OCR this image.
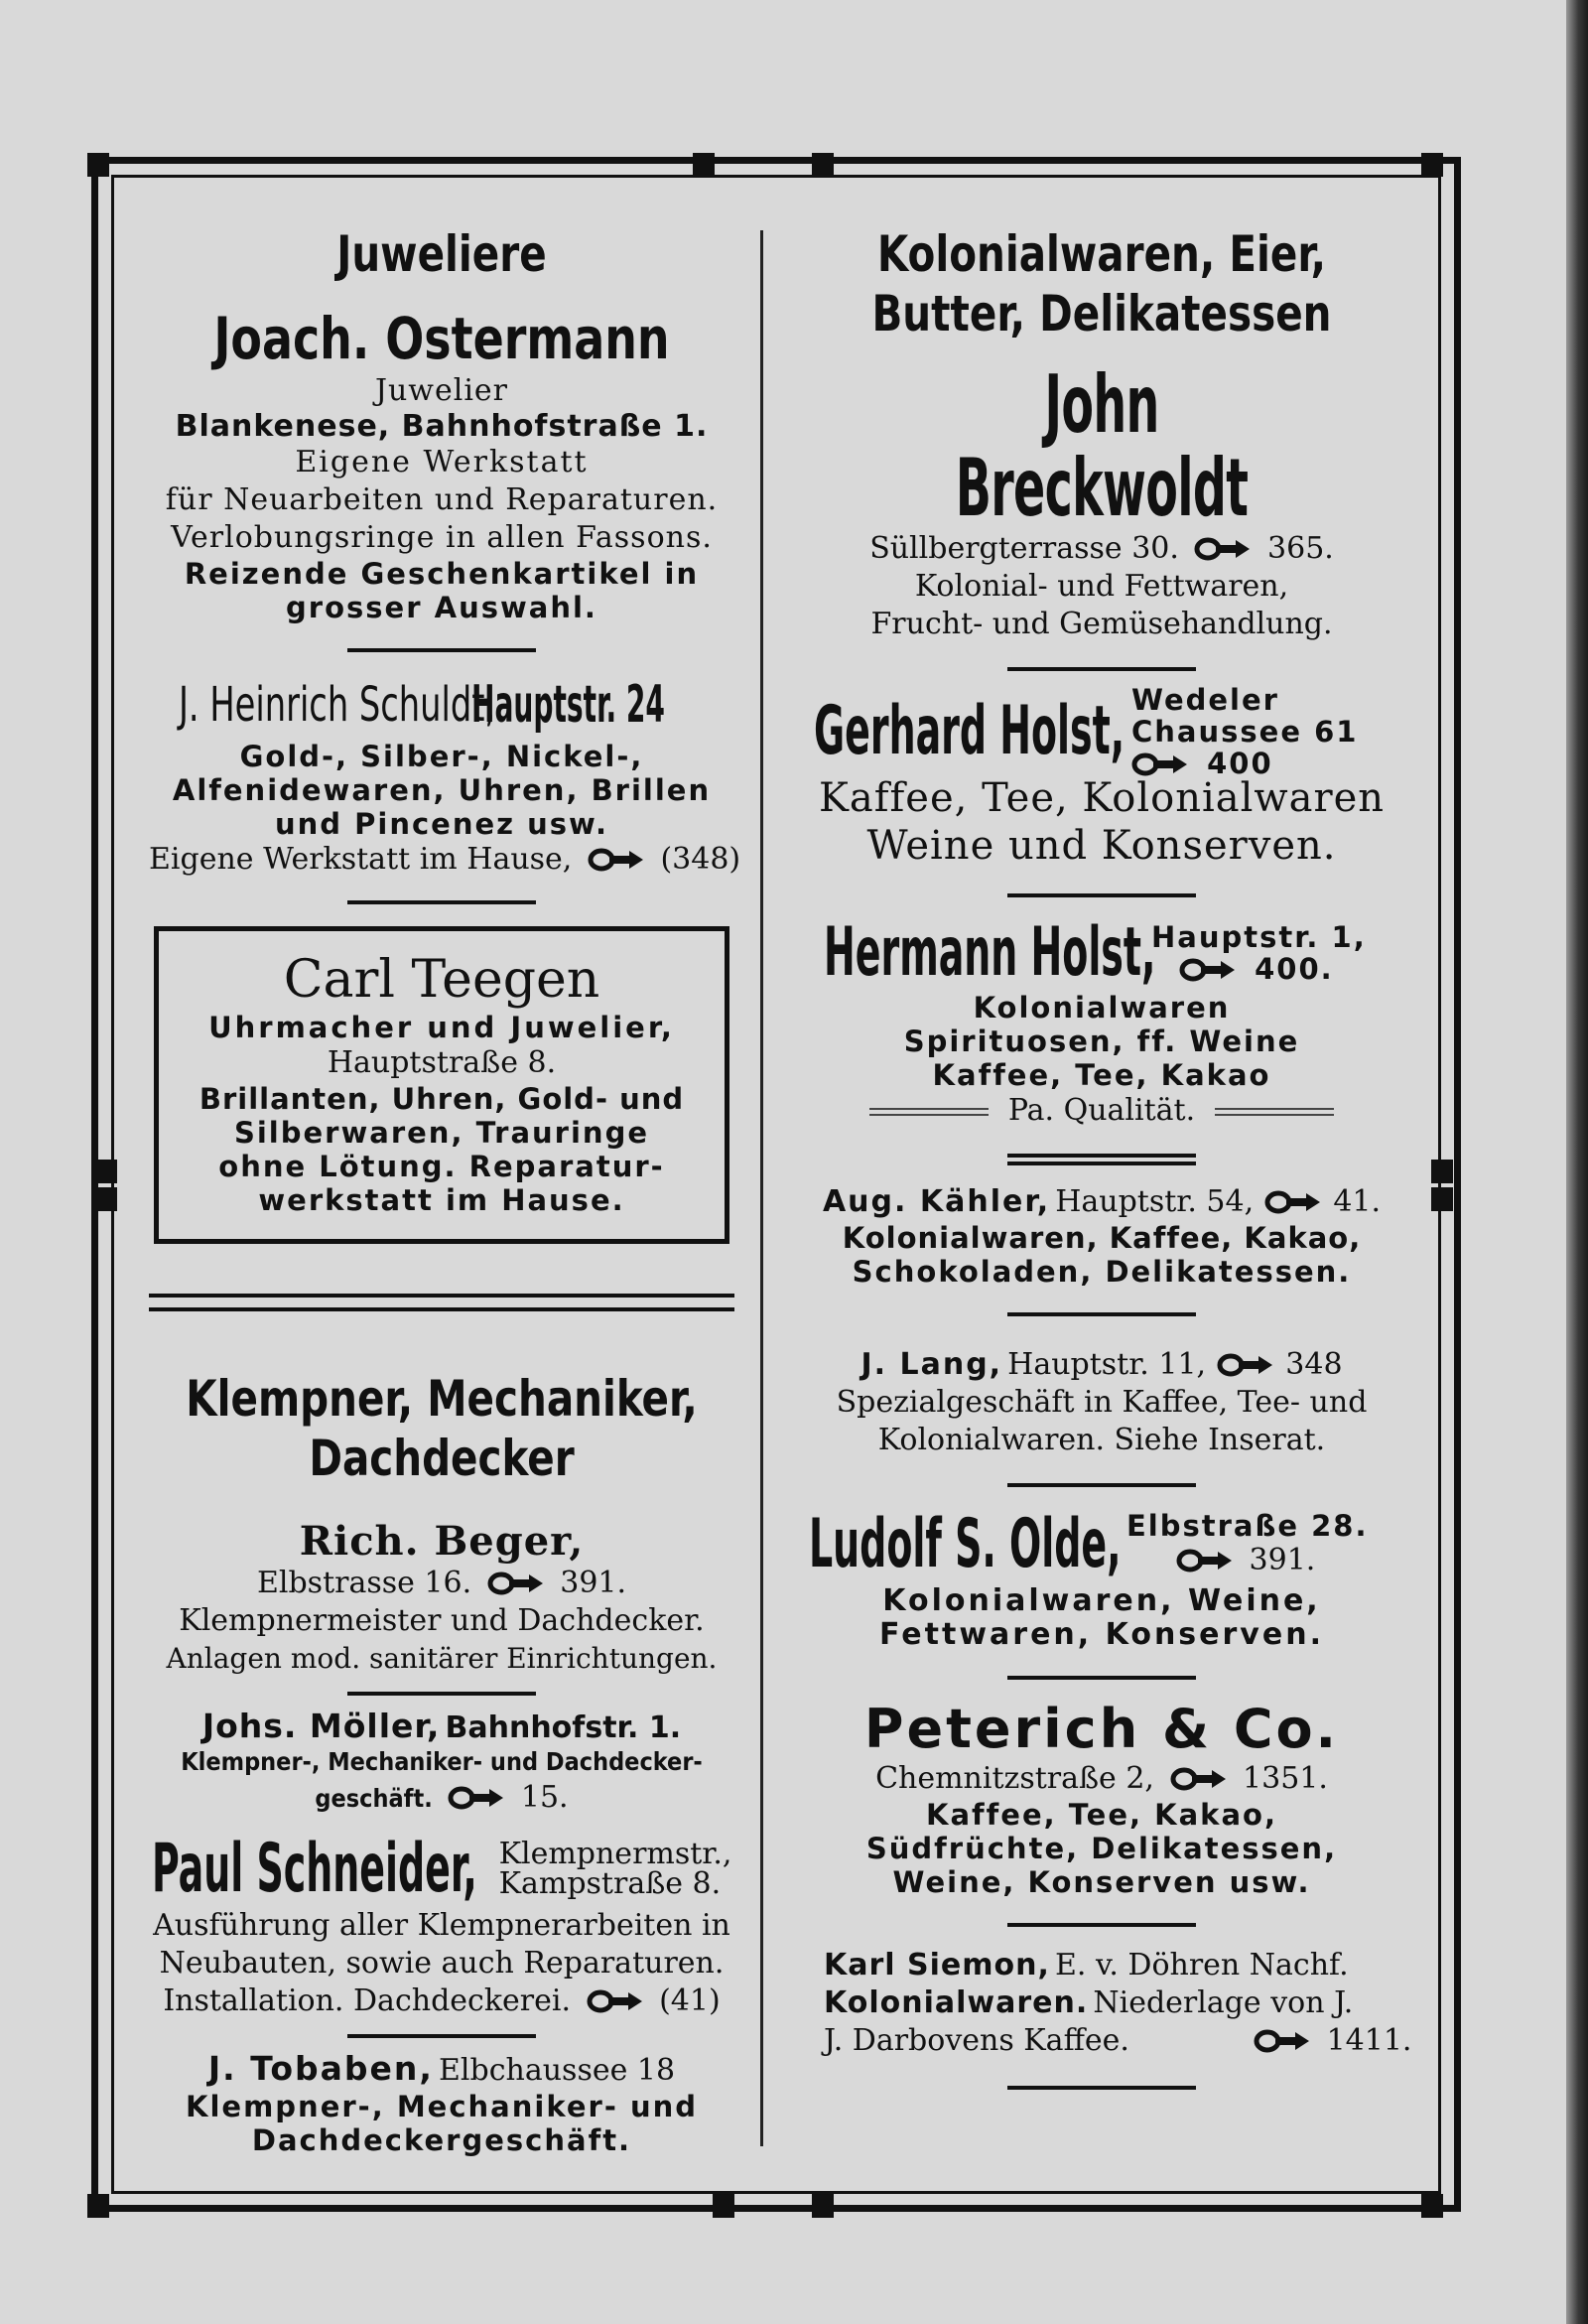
Juweliere
Joach. Ostermann
Juwelier
Blankenese, Bahnhofstraße 1.
Eigene Werkstatt
für Neuarbeiten und Reparaturen.
Verlobungsringe in allen Fassons.
Reizende Geschenkartikel in
grosser Auswahl.
J. Heinrich Schuldt,
Hauptstr. 24
Gold-, Silber-, Nickel-,
Alfenidewaren, Uhren, Brillen
und Pincenez usw.
Eigene Werkstatt im Hause,	(348)
Carl Teegen
Uhrmacher und Juwelier,
Hauptstraße 8.
Brillanten, Uhren, Gold- und
Silberwaren, Trauringe
ohne Lötung. Reparatur-
werkstatt im Hause.
Klempner, Mechaniker,
Dachdecker
Rich. Beger,
Elbstrasse 16.	391.
Klempnermeister und Dachdecker.
Anlagen mod. sanitärer Einrichtungen.
Johs. Möller, Bahnhofstr. 1.
Klempner-, Mechaniker- und Dachdecker-
geschäft.	15.
Paul Schneider, Klempnermstr.,
Kampstraße 8.
Ausführung aller Klempnerarbeiten in
Neubauten, sowie auch Reparaturen.
Installation. Dachdeckerei.	(41)
J. Tobaben, Elbchaussee 18
Klempner-, Mechaniker- und
Dachdeckergeschäft.
Kolonialwaren, Eier,
Butter, Delikatessen
John Breckwoldt
Süllbergterrasse 30.	365.
Kolonial- und Fettwaren,
Frucht- und Gemüsehandlung.
Gerhard Holst, Wedeler
Chaussee 61
400
Kaffee, Tee, Kolonialwaren
Weine und Konserven.
Hermann Holst,
Hauptstr. 1,
400.
Kolonialwaren
Spirituosen, ff. Weine
Kaffee, Tee, Kakao
Pa. Qualität.
Aug. Kähler, Hauptstr. 54,	41.
Kolonialwaren, Kaffee, Kakao,
Schokoladen, Delikatessen.
J. Lang, Hauptstr. 11,	348
Spezialgeschäft in Kaffee, Tee- und
Kolonialwaren. Siehe Inserat.
Ludolf S. Olde, Elbstraße 28.
391.
Kolonialwaren, Weine,
Fettwaren, Konserven.
Peterich & Co.
Chemnitzstraße 2,	1351.
Kaffee, Tee, Kakao,
Südfrüchte, Delikatessen,
Weine, Konserven usw.
Karl Siemon, E. v. Döhren Nachf.
Kolonialwaren. Niederlage von J.
J. Darbovens Kaffee.	1411.
